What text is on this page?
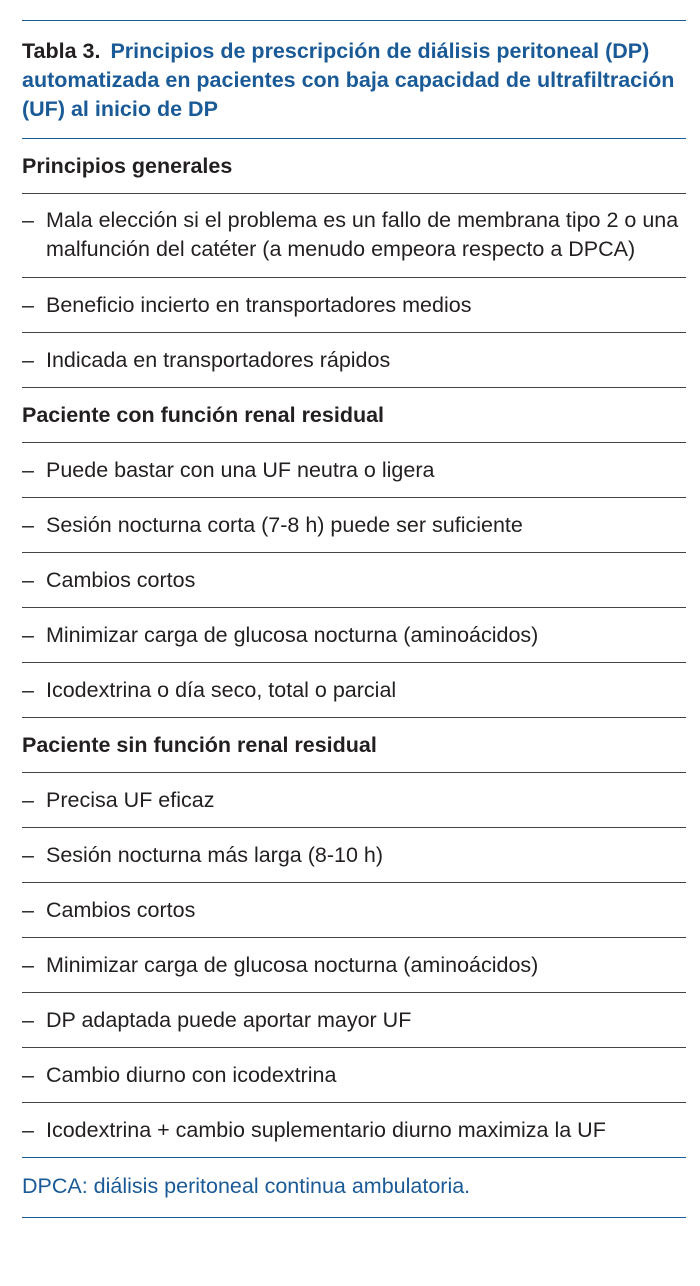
Tabla 3. Principios de prescripción de diálisis peritoneal (DP) automatizada en pacientes con baja capacidad de ultrafiltración (UF) al inicio de DP
Principios generales
– Mala elección si el problema es un fallo de membrana tipo 2 o una malfunción del catéter (a menudo empeora respecto a DPCA)
– Beneficio incierto en transportadores medios
– Indicada en transportadores rápidos
Paciente con función renal residual
– Puede bastar con una UF neutra o ligera
– Sesión nocturna corta (7-8 h) puede ser suficiente
– Cambios cortos
– Minimizar carga de glucosa nocturna (aminoácidos)
– Icodextrina o día seco, total o parcial
Paciente sin función renal residual
– Precisa UF eficaz
– Sesión nocturna más larga (8-10 h)
– Cambios cortos
– Minimizar carga de glucosa nocturna (aminoácidos)
– DP adaptada puede aportar mayor UF
– Cambio diurno con icodextrina
– Icodextrina + cambio suplementario diurno maximiza la UF
DPCA: diálisis peritoneal continua ambulatoria.
